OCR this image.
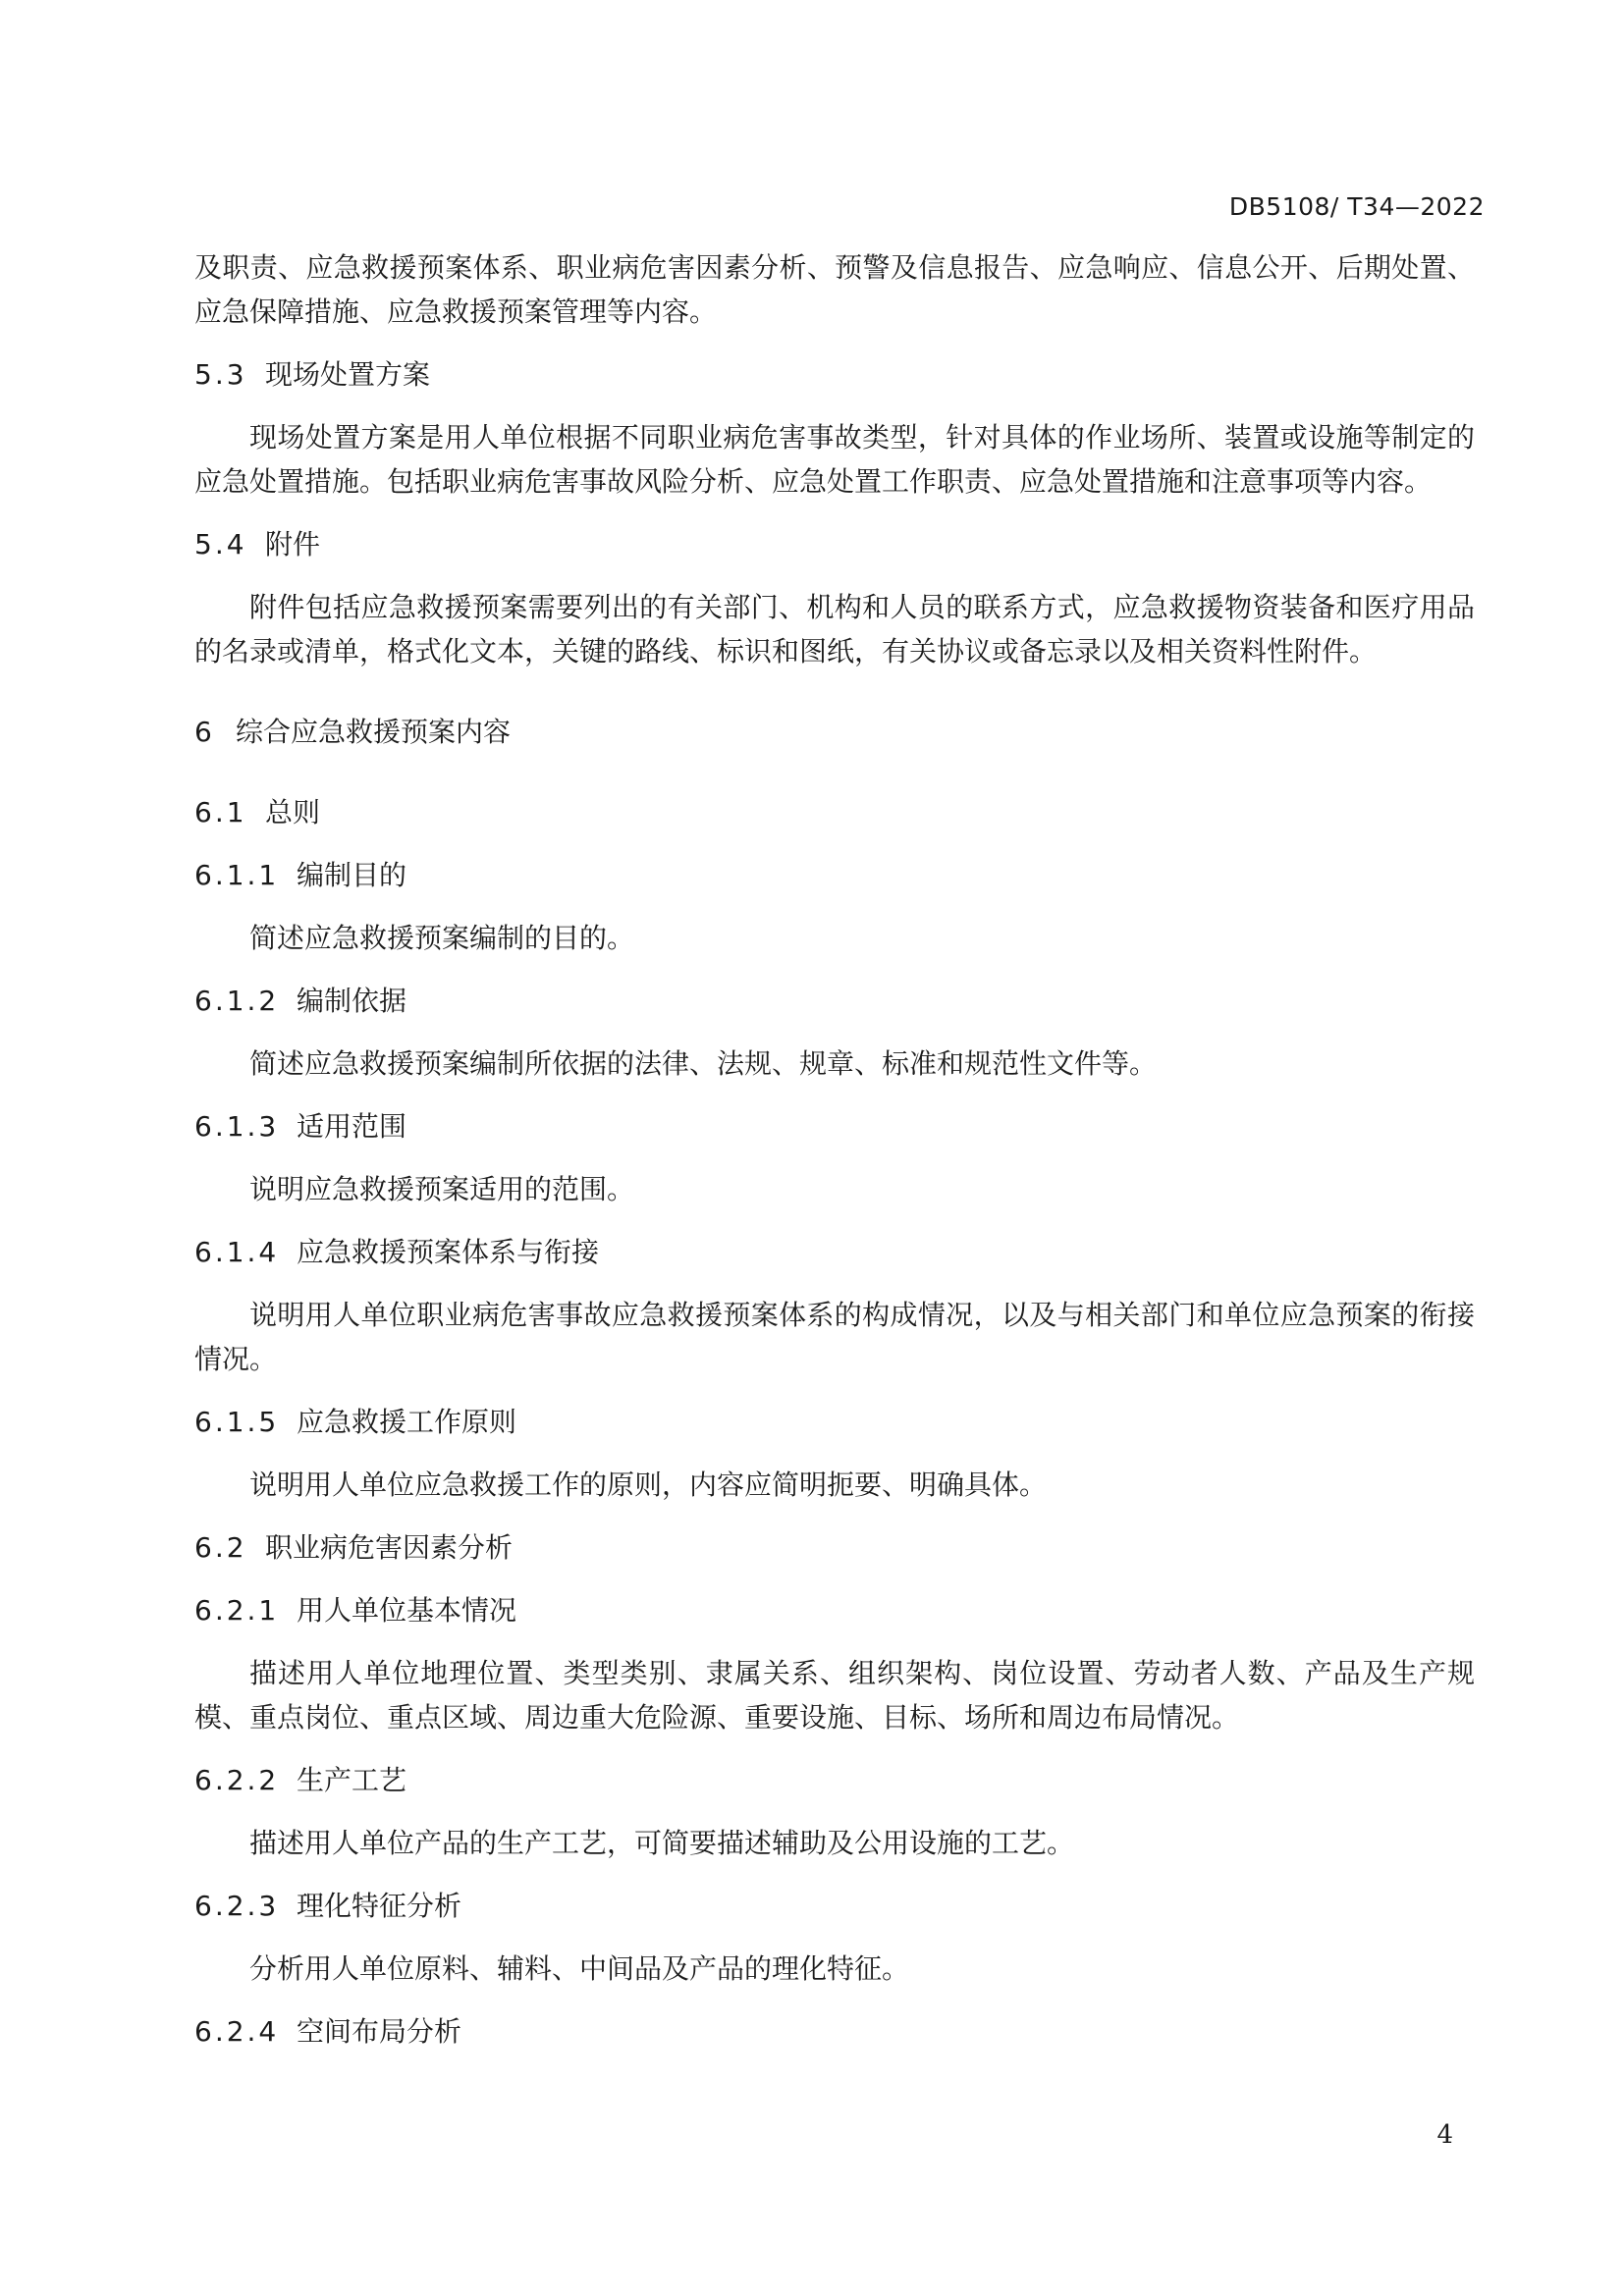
DB5108/ T34—2022

及职责、应急救援预案体系、职业病危害因素分析、预警及信息报告、应急响应、信息公开、后期处置、应急保障措施、应急救援预案管理等内容。

5.3 现场处置方案

现场处置方案是用人单位根据不同职业病危害事故类型，针对具体的作业场所、装置或设施等制定的应急处置措施。包括职业病危害事故风险分析、应急处置工作职责、应急处置措施和注意事项等内容。

5.4 附件

附件包括应急救援预案需要列出的有关部门、机构和人员的联系方式，应急救援物资装备和医疗用品的名录或清单，格式化文本，关键的路线、标识和图纸，有关协议或备忘录以及相关资料性附件。

6 综合应急救援预案内容
6.1 总则
6.1.1 编制目的

简述应急救援预案编制的目的。

6.1.2 编制依据

简述应急救援预案编制所依据的法律、法规、规章、标准和规范性文件等。

6.1.3 适用范围

说明应急救援预案适用的范围。

6.1.4 应急救援预案体系与衔接

说明用人单位职业病危害事故应急救援预案体系的构成情况，以及与相关部门和单位应急预案的衔接情况。

6.1.5 应急救援工作原则

说明用人单位应急救援工作的原则，内容应简明扼要、明确具体。

6.2 职业病危害因素分析
6.2.1 用人单位基本情况

描述用人单位地理位置、类型类别、隶属关系、组织架构、岗位设置、劳动者人数、产品及生产规模、重点岗位、重点区域、周边重大危险源、重要设施、目标、场所和周边布局情况。

6.2.2 生产工艺

描述用人单位产品的生产工艺，可简要描述辅助及公用设施的工艺。

6.2.3 理化特征分析

分析用人单位原料、辅料、中间品及产品的理化特征。

6.2.4 空间布局分析
4
